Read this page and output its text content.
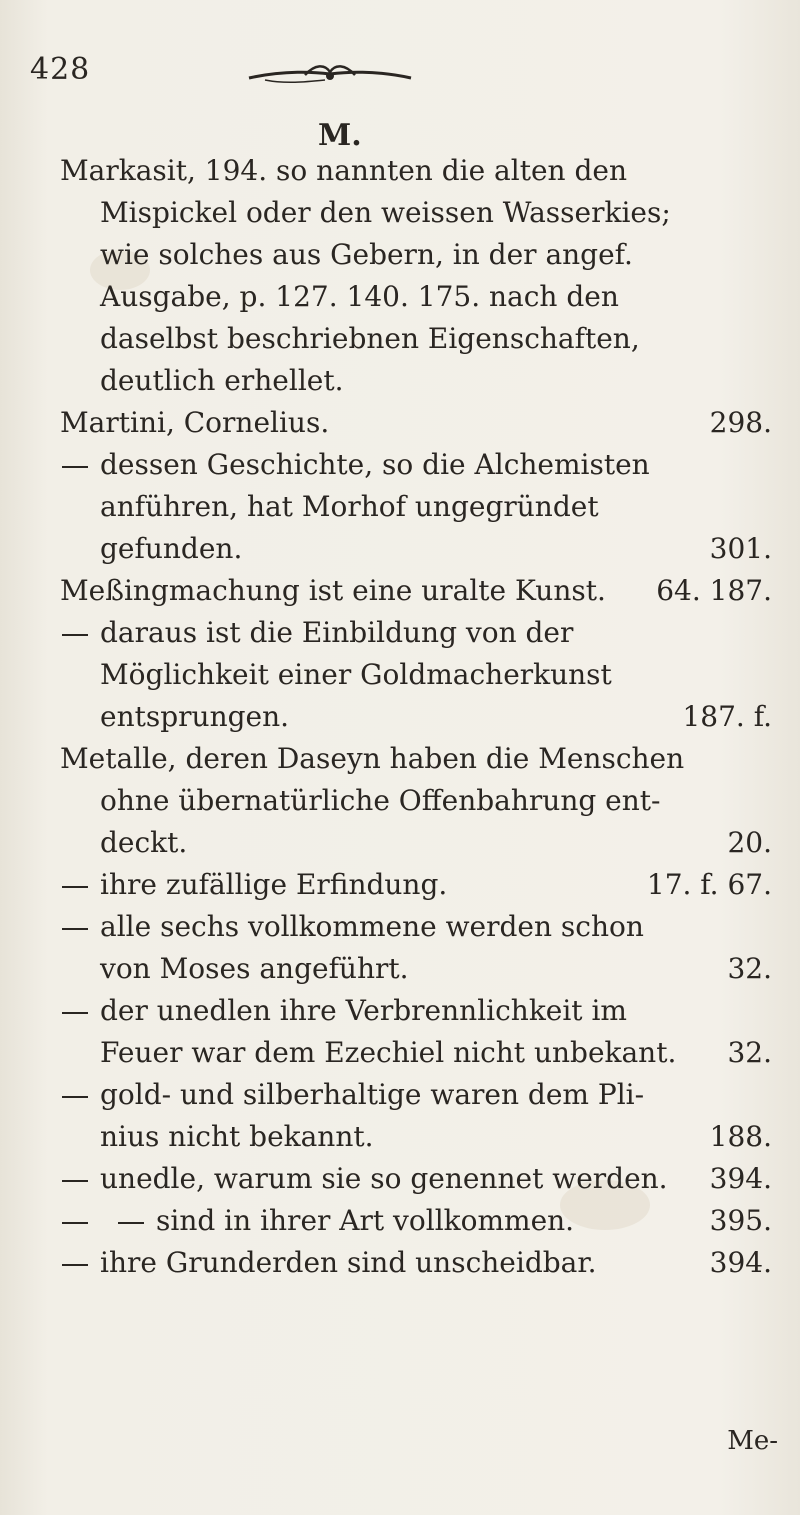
428
M.
Markasit, 194. so nannten die alten den
Mispickel oder den weissen Wasserkies;
wie solches aus Gebern, in der angef.
Ausgabe, p. 127. 140. 175. nach den
daselbst beschriebnen Eigenschaften,
deutlich erhellet.
Martini, Cornelius.	298.
dessen Geschichte, so die Alchemisten
anführen, hat Morhof ungegründet
gefunden.	301.
Meßingmachung ist eine uralte Kunst. 64. 187.
daraus ist die Einbildung von der
Möglichkeit einer Goldmacherkunst
entsprungen.	187. f.
Metalle, deren Daseyn haben die Menschen
ohne übernatürliche Offenbahrung ent-
deckt.	20.
ihre zufällige Erfindung.	17. f. 67.
alle sechs vollkommene werden schon
von Moses angeführt.	32.
der unedlen ihre Verbrennlichkeit im
Feuer war dem Ezechiel nicht unbekant. 32.
gold- und silberhaltige waren dem Pli-
nius nicht bekannt.	188.
unedle, warum sie so genennet werden. 394.
sind in ihrer Art vollkommen.	395.
ihre Grunderden sind unscheidbar.	394.
Me-
